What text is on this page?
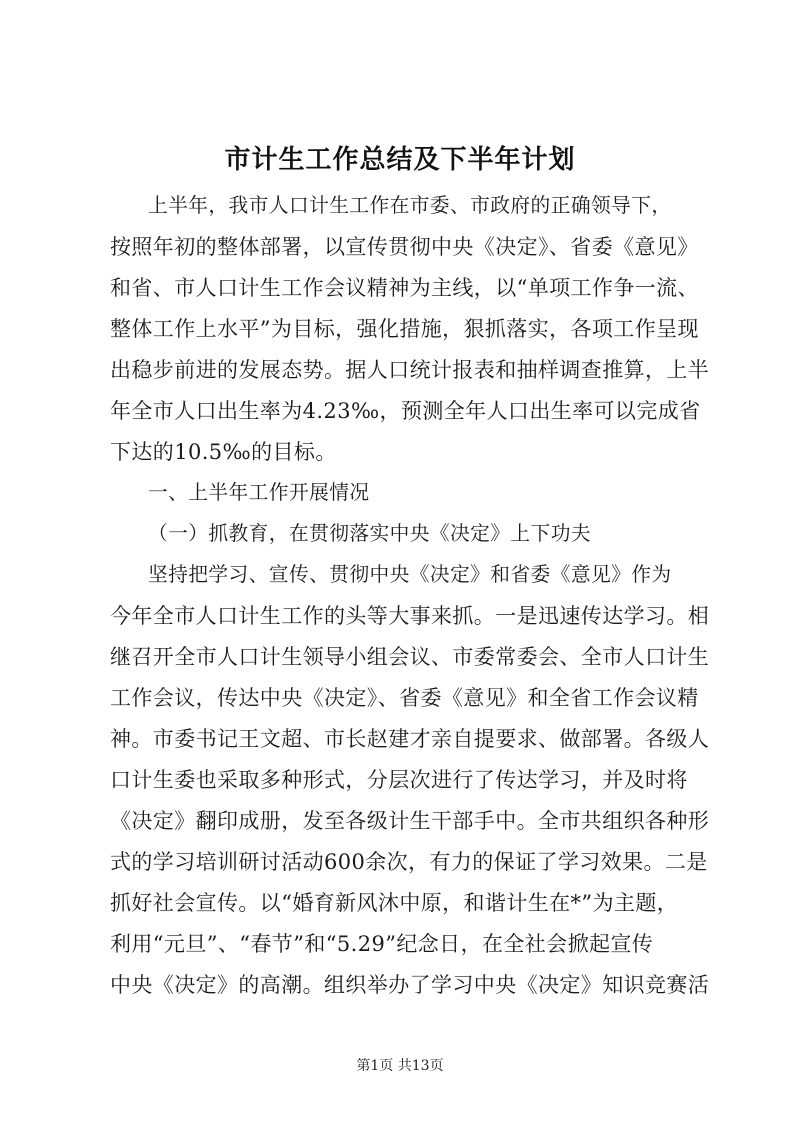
市计生工作总结及下半年计划
上半年，我市人口计生工作在市委、市政府的正确领导下，
按照年初的整体部署，以宣传贯彻中央《决定》、省委《意见》
和省、市人口计生工作会议精神为主线，以“单项工作争一流、
整体工作上水平”为目标，强化措施，狠抓落实，各项工作呈现
出稳步前进的发展态势。据人口统计报表和抽样调查推算，上半
年全市人口出生率为4.23‰，预测全年人口出生率可以完成省
下达的10.5‰的目标。
一、上半年工作开展情况
（一）抓教育，在贯彻落实中央《决定》上下功夫
坚持把学习、宣传、贯彻中央《决定》和省委《意见》作为
今年全市人口计生工作的头等大事来抓。一是迅速传达学习。相
继召开全市人口计生领导小组会议、市委常委会、全市人口计生
工作会议，传达中央《决定》、省委《意见》和全省工作会议精
神。市委书记王文超、市长赵建才亲自提要求、做部署。各级人
口计生委也采取多种形式，分层次进行了传达学习，并及时将
《决定》翻印成册，发至各级计生干部手中。全市共组织各种形
式的学习培训研讨活动600余次，有力的保证了学习效果。二是
抓好社会宣传。以“婚育新风沐中原，和谐计生在*”为主题，
利用“元旦”、“春节”和“5.29”纪念日，在全社会掀起宣传
中央《决定》的高潮。组织举办了学习中央《决定》知识竞赛活
第1页 共13页
